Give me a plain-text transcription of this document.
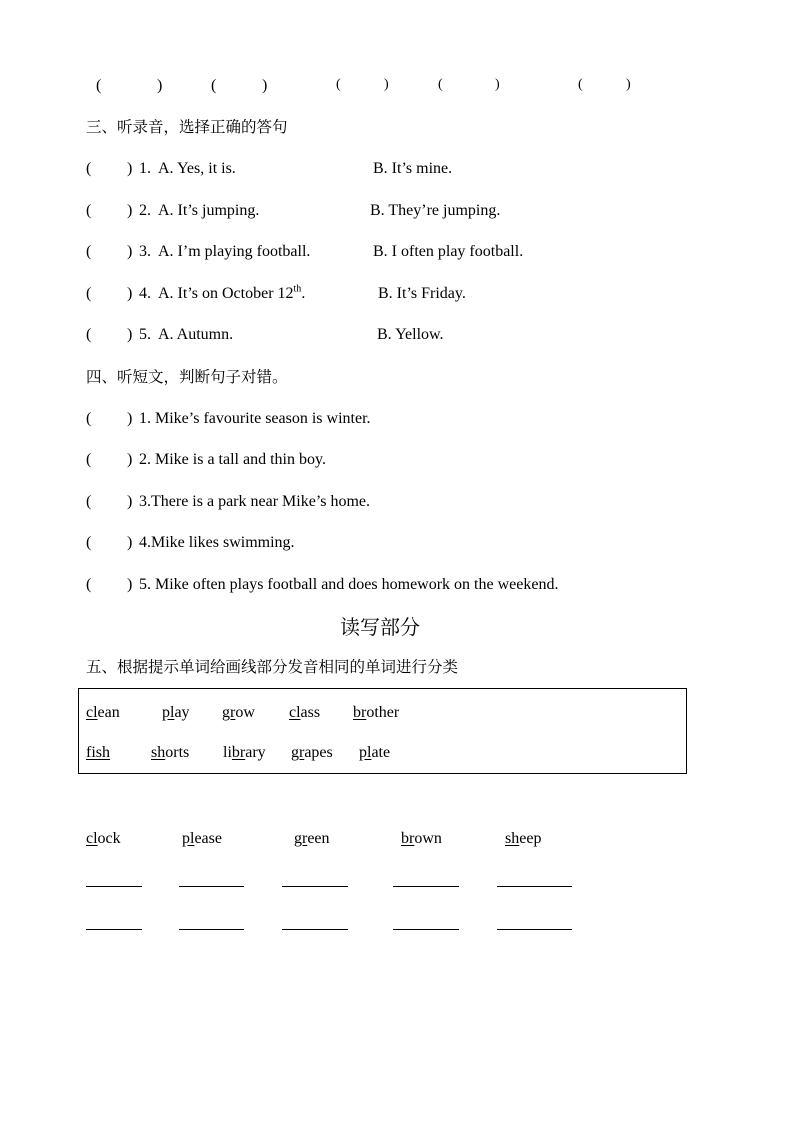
(	)	(	)	(	)	(	)	(	)
三、听录音，选择正确的答句
( ) 1. A. Yes, it is.	B. It’s mine.
( ) 2. A. It’s jumping.	B. They’re jumping.
( ) 3. A. I’m playing football.	B. I often play football.
( ) 4. A. It’s on October 12th.	B. It’s Friday.
( ) 5. A. Autumn.	B. Yellow.
四、听短文，判断句子对错。
( ) 1. Mike’s favourite season is winter.
( ) 2. Mike is a tall and thin boy.
( ) 3.There is a park near Mike’s home.
( ) 4.Mike likes swimming.
( ) 5. Mike often plays football and does homework on the weekend.
读写部分
五、根据提示单词给画线部分发音相同的单词进行分类
clean	play grow class brother
fish	shorts library grapes plate
clock	please	green	brown	sheep
